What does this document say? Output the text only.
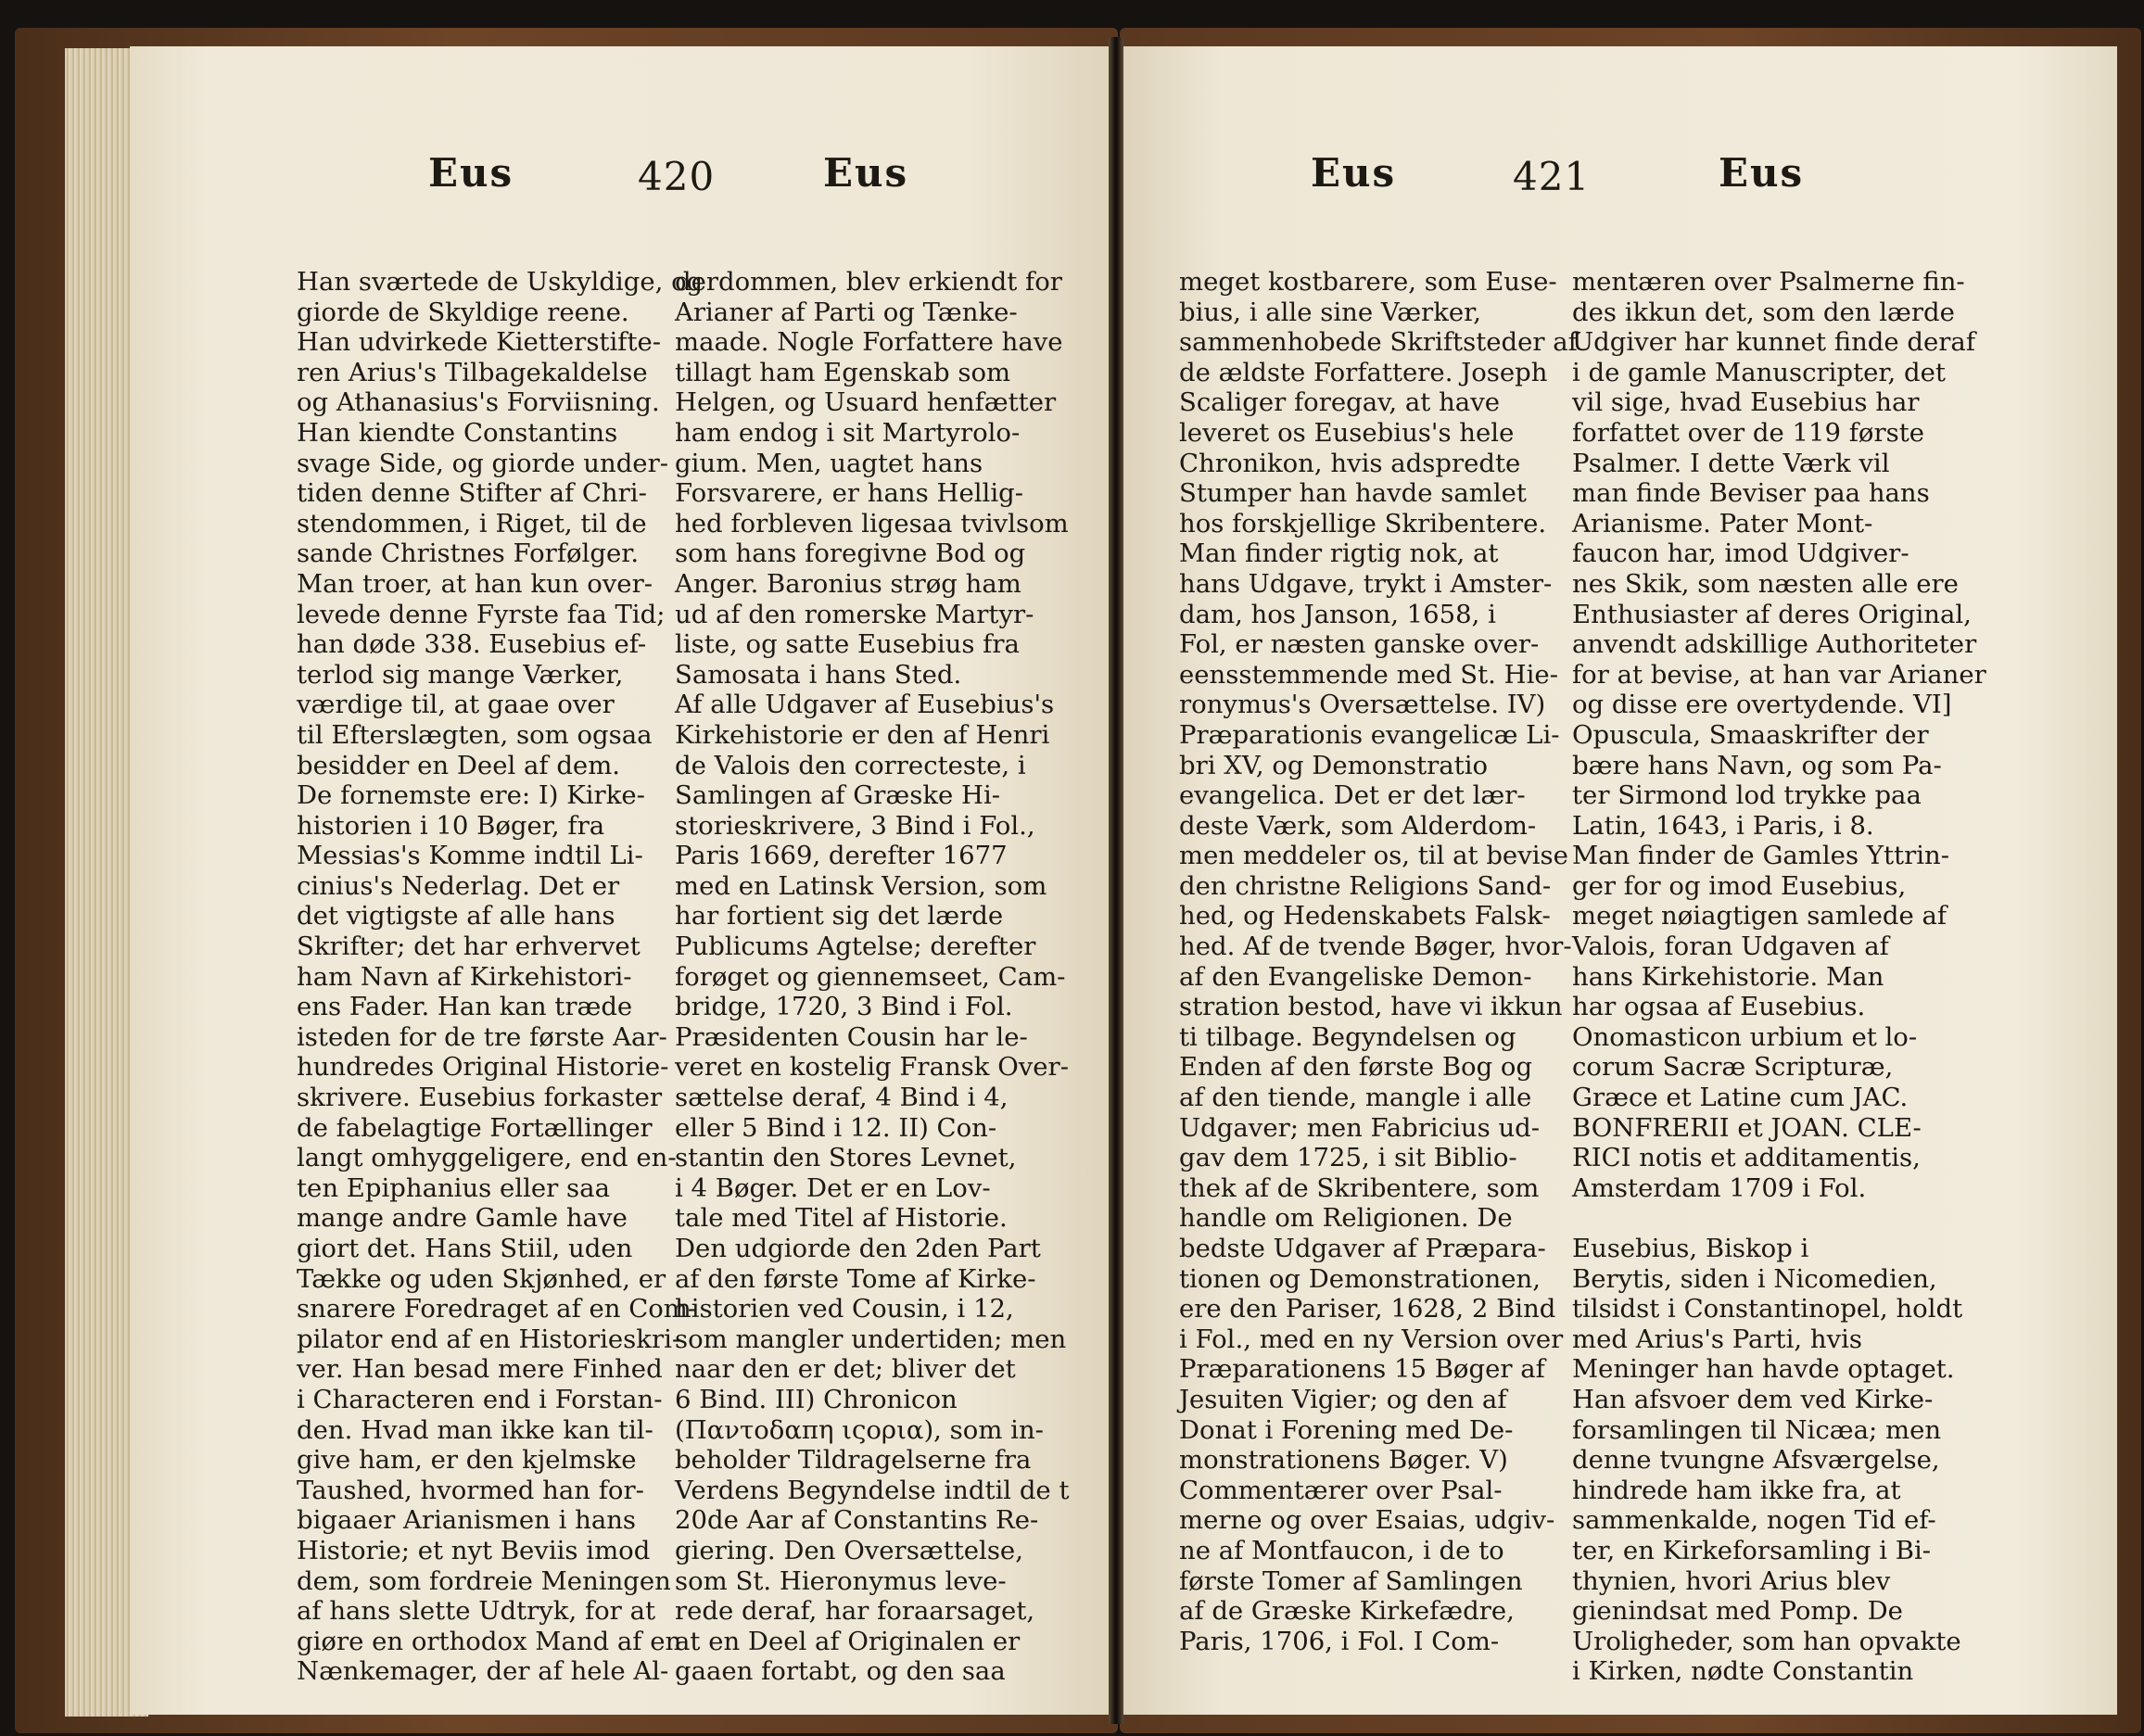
Eus	420	Eus
Han sværtede de Uskyldige, og
giorde de Skyldige reene.
Han udvirkede Kietterstifte-
ren Arius's Tilbagekaldelse
og Athanasius's Forviisning.
Han kiendte Constantins
svage Side, og giorde under-
tiden denne Stifter af Chri-
stendommen, i Riget, til de
sande Christnes Forfølger.
Man troer, at han kun over-
levede denne Fyrste faa Tid;
han døde 338. Eusebius ef-
terlod sig mange Værker,
værdige til, at gaae over
til Efterslægten, som ogsaa
besidder en Deel af dem.
De fornemste ere: I) Kirke-
historien i 10 Bøger, fra
Messias's Komme indtil Li-
cinius's Nederlag. Det er
det vigtigste af alle hans
Skrifter; det har erhvervet
ham Navn af Kirkehistori-
ens Fader. Han kan træde
isteden for de tre første Aar-
hundredes Original Historie-
skrivere. Eusebius forkaster
de fabelagtige Fortællinger
langt omhyggeligere, end en-
ten Epiphanius eller saa
mange andre Gamle have
giort det. Hans Stiil, uden
Tække og uden Skjønhed, er
snarere Foredraget af en Com-
pilator end af en Historieskri-
ver. Han besad mere Finhed
i Characteren end i Forstan-
den. Hvad man ikke kan til-
give ham, er den kjelmske
Taushed, hvormed han for-
bigaaer Arianismen i hans
Historie; et nyt Beviis imod
dem, som fordreie Meningen
af hans slette Udtryk, for at
giøre en orthodox Mand af en
Nænkemager, der af hele Al-
derdommen, blev erkiendt for
Arianer af Parti og Tænke-
maade. Nogle Forfattere have
tillagt ham Egenskab som
Helgen, og Usuard henfætter
ham endog i sit Martyrolo-
gium. Men, uagtet hans
Forsvarere, er hans Hellig-
hed forbleven ligesaa tvivlsom
som hans foregivne Bod og
Anger. Baronius strøg ham
ud af den romerske Martyr-
liste, og satte Eusebius fra
Samosata i hans Sted.
Af alle Udgaver af Eusebius's
Kirkehistorie er den af Henri
de Valois den correcteste, i
Samlingen af Græske Hi-
storieskrivere, 3 Bind i Fol.,
Paris 1669, derefter 1677
med en Latinsk Version, som
har fortient sig det lærde
Publicums Agtelse; derefter
forøget og giennemseet, Cam-
bridge, 1720, 3 Bind i Fol.
Præsidenten Cousin har le-
veret en kostelig Fransk Over-
sættelse deraf, 4 Bind i 4,
eller 5 Bind i 12. II) Con-
stantin den Stores Levnet,
i 4 Bøger. Det er en Lov-
tale med Titel af Historie.
Den udgiorde den 2den Part
af den første Tome af Kirke-
historien ved Cousin, i 12,
som mangler undertiden; men
naar den er det; bliver det
6 Bind. III) Chronicon
(Παντοδαπη ιςορια), som in-
beholder Tildragelserne fra
Verdens Begyndelse indtil de t
20de Aar af Constantins Re-
giering. Den Oversættelse,
som St. Hieronymus leve-
rede deraf, har foraarsaget,
at en Deel af Originalen er
gaaen fortabt, og den saa
Eus	421	Eus
meget kostbarere, som Euse-
bius, i alle sine Værker,
sammenhobede Skriftsteder af
de ældste Forfattere. Joseph
Scaliger foregav, at have
leveret os Eusebius's hele
Chronikon, hvis adspredte
Stumper han havde samlet
hos forskjellige Skribentere.
Man finder rigtig nok, at
hans Udgave, trykt i Amster-
dam, hos Janson, 1658, i
Fol, er næsten ganske over-
eensstemmende med St. Hie-
ronymus's Oversættelse. IV)
Præparationis evangelicæ Li-
bri XV, og Demonstratio
evangelica. Det er det lær-
deste Værk, som Alderdom-
men meddeler os, til at bevise
den christne Religions Sand-
hed, og Hedenskabets Falsk-
hed. Af de tvende Bøger, hvor-
af den Evangeliske Demon-
stration bestod, have vi ikkun
ti tilbage. Begyndelsen og
Enden af den første Bog og
af den tiende, mangle i alle
Udgaver; men Fabricius ud-
gav dem 1725, i sit Biblio-
thek af de Skribentere, som
handle om Religionen. De
bedste Udgaver af Præpara-
tionen og Demonstrationen,
ere den Pariser, 1628, 2 Bind
i Fol., med en ny Version over
Præparationens 15 Bøger af
Jesuiten Vigier; og den af
Donat i Forening med De-
monstrationens Bøger. V)
Commentærer over Psal-
merne og over Esaias, udgiv-
ne af Montfaucon, i de to
første Tomer af Samlingen
af de Græske Kirkefædre,
Paris, 1706, i Fol. I Com-
mentæren over Psalmerne fin-
des ikkun det, som den lærde
Udgiver har kunnet finde deraf
i de gamle Manuscripter, det
vil sige, hvad Eusebius har
forfattet over de 119 første
Psalmer. I dette Værk vil
man finde Beviser paa hans
Arianisme. Pater Mont-
faucon har, imod Udgiver-
nes Skik, som næsten alle ere
Enthusiaster af deres Original,
anvendt adskillige Authoriteter
for at bevise, at han var Arianer
og disse ere overtydende. VI]
Opuscula, Smaaskrifter der
bære hans Navn, og som Pa-
ter Sirmond lod trykke paa
Latin, 1643, i Paris, i 8.
Man finder de Gamles Yttrin-
ger for og imod Eusebius,
meget nøiagtigen samlede af
Valois, foran Udgaven af
hans Kirkehistorie. Man
har ogsaa af Eusebius.
Onomasticon urbium et lo-
corum Sacræ Scripturæ,
Græce et Latine cum JAC.
BONFRERII et JOAN. CLE-
RICI notis et additamentis,
Amsterdam 1709 i Fol.
Eusebius, Biskop i
Berytis, siden i Nicomedien,
tilsidst i Constantinopel, holdt
med Arius's Parti, hvis
Meninger han havde optaget.
Han afsvoer dem ved Kirke-
forsamlingen til Nicæa; men
denne tvungne Afsværgelse,
hindrede ham ikke fra, at
sammenkalde, nogen Tid ef-
ter, en Kirkeforsamling i Bi-
thynien, hvori Arius blev
gienindsat med Pomp. De
Uroligheder, som han opvakte
i Kirken, nødte Constantin
